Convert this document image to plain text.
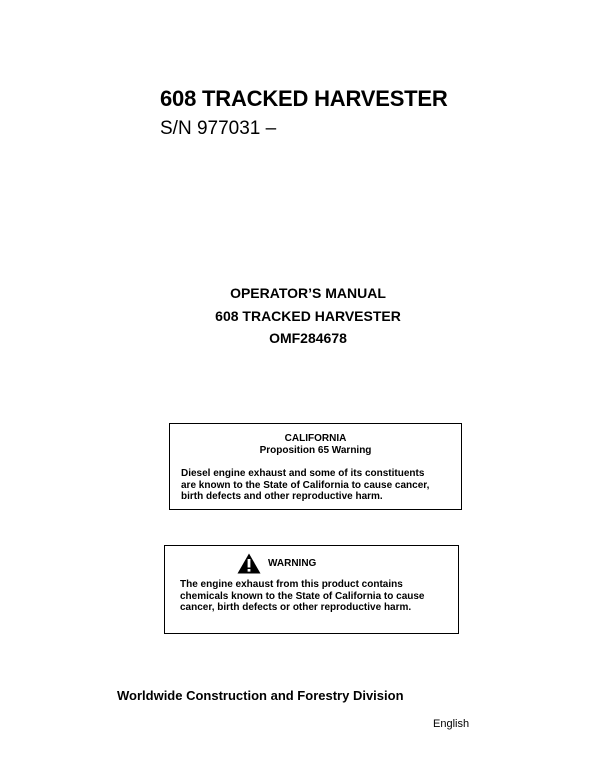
608 TRACKED HARVESTER
S/N 977031 –
OPERATOR’S MANUAL
608 TRACKED HARVESTER
OMF284678
CALIFORNIA
Proposition 65 Warning
Diesel engine exhaust and some of its constituents
are known to the State of California to cause cancer,
birth defects and other reproductive harm.
WARNING
The engine exhaust from this product contains
chemicals known to the State of California to cause
cancer, birth defects or other reproductive harm.
Worldwide Construction and Forestry Division
English
